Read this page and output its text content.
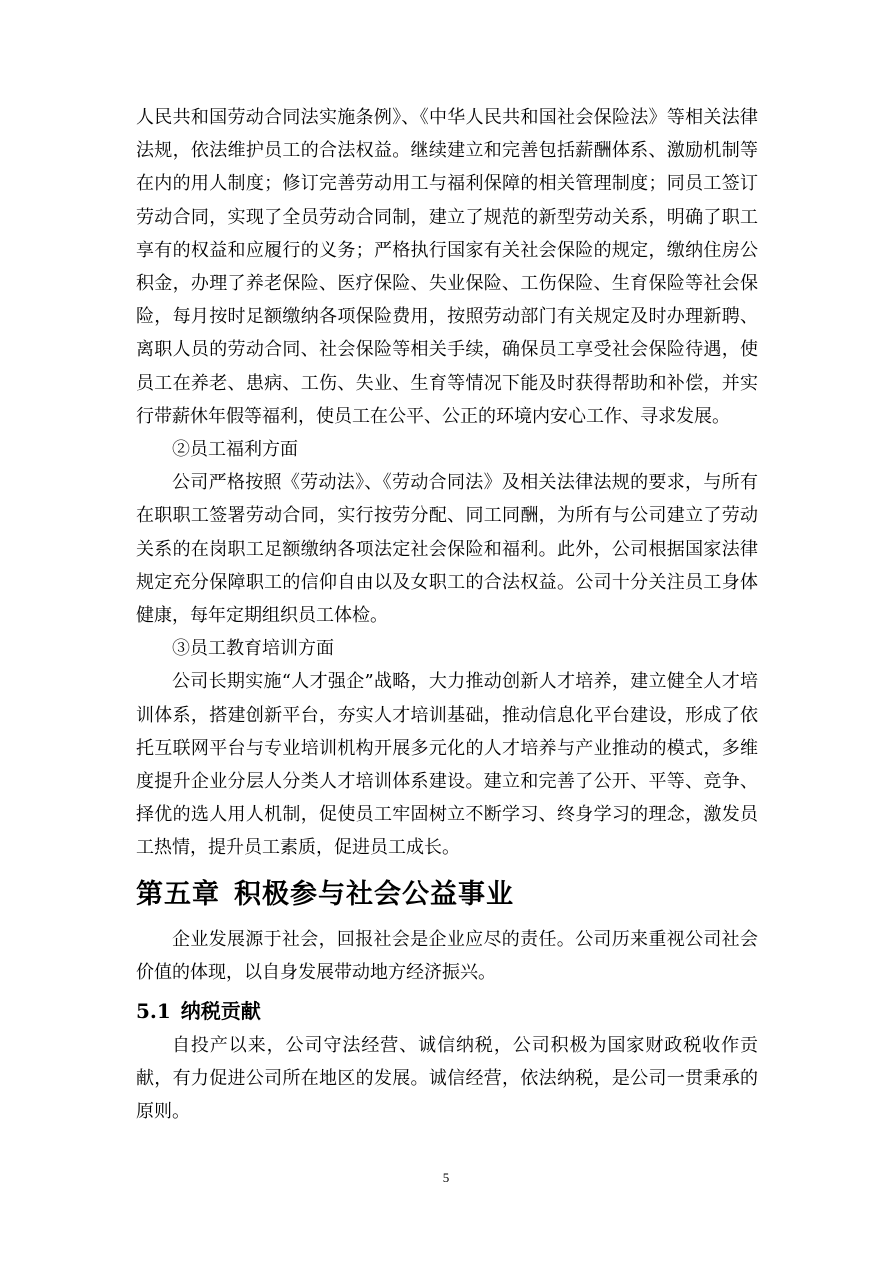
人民共和国劳动合同法实施条例》、《中华人民共和国社会保险法》等相关法律法规，依法维护员工的合法权益。继续建立和完善包括薪酬体系、激励机制等在内的用人制度；修订完善劳动用工与福利保障的相关管理制度；同员工签订劳动合同，实现了全员劳动合同制，建立了规范的新型劳动关系，明确了职工享有的权益和应履行的义务；严格执行国家有关社会保险的规定，缴纳住房公积金，办理了养老保险、医疗保险、失业保险、工伤保险、生育保险等社会保险，每月按时足额缴纳各项保险费用，按照劳动部门有关规定及时办理新聘、离职人员的劳动合同、社会保险等相关手续，确保员工享受社会保险待遇，使员工在养老、患病、工伤、失业、生育等情况下能及时获得帮助和补偿，并实行带薪休年假等福利，使员工在公平、公正的环境内安心工作、寻求发展。

②员工福利方面

公司严格按照《劳动法》、《劳动合同法》及相关法律法规的要求，与所有在职职工签署劳动合同，实行按劳分配、同工同酬，为所有与公司建立了劳动关系的在岗职工足额缴纳各项法定社会保险和福利。此外，公司根据国家法律规定充分保障职工的信仰自由以及女职工的合法权益。公司十分关注员工身体健康，每年定期组织员工体检。

③员工教育培训方面

公司长期实施“人才强企”战略，大力推动创新人才培养，建立健全人才培训体系，搭建创新平台，夯实人才培训基础，推动信息化平台建设，形成了依托互联网平台与专业培训机构开展多元化的人才培养与产业推动的模式，多维度提升企业分层人分类人才培训体系建设。建立和完善了公开、平等、竞争、择优的选人用人机制，促使员工牢固树立不断学习、终身学习的理念，激发员工热情，提升员工素质，促进员工成长。

第五章 积极参与社会公益事业

企业发展源于社会，回报社会是企业应尽的责任。公司历来重视公司社会价值的体现，以自身发展带动地方经济振兴。

5.1 纳税贡献

自投产以来，公司守法经营、诚信纳税，公司积极为国家财政税收作贡献，有力促进公司所在地区的发展。诚信经营，依法纳税，是公司一贯秉承的原则。

5
